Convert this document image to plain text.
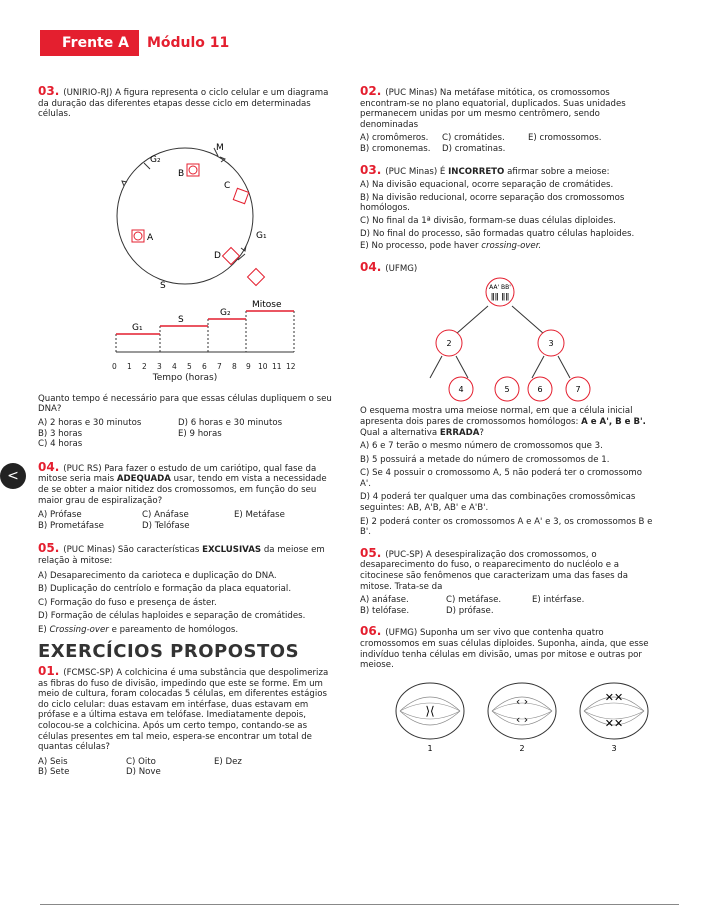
Frente A	Módulo 11
<
03. (UNIRIO-RJ) A figura representa o ciclo celular e um diagrama da duração das diferentes etapas desse ciclo em determinadas células.
G₂
M
B
C
G₁
A
D
S
G₁
S
G₂
Mitose
0 1 2 3 4 5 6 7 8 9 10 11 12
Tempo (horas)
Quanto tempo é necessário para que essas células dupliquem o seu DNA?
A) 2 horas e 30 minutos	D) 6 horas e 30 minutos
B) 3 horas	E) 9 horas
C) 4 horas
04. (PUC RS) Para fazer o estudo de um cariótipo, qual fase da mitose seria mais ADEQUADA usar, tendo em vista a necessidade de se obter a maior nitidez dos cromossomos, em função do seu maior grau de espiralização?
A) Prófase	C) Anáfase	E) Metáfase
B) Prometáfase	D) Telófase
05. (PUC Minas) São características EXCLUSIVAS da meiose em relação à mitose:
A) Desaparecimento da carioteca e duplicação do DNA.
B) Duplicação do centríolo e formação da placa equatorial.
C) Formação do fuso e presença de áster.
D) Formação de células haploides e separação de cromátides.
E) Crossing-over e pareamento de homólogos.
EXERCÍCIOS PROPOSTOS
01. (FCMSC-SP) A colchicina é uma substância que despolimeriza as fibras do fuso de divisão, impedindo que este se forme. Em um meio de cultura, foram colocadas 5 células, em diferentes estágios do ciclo celular: duas estavam em intérfase, duas estavam em prófase e a última estava em telófase. Imediatamente depois, colocou-se a colchicina. Após um certo tempo, contando-se as células presentes em tal meio, espera-se encontrar um total de quantas células?
A) Seis	C) Oito	E) Dez
B) Sete	D) Nove
02. (PUC Minas) Na metáfase mitótica, os cromossomos encontram-se no plano equatorial, duplicados. Suas unidades permanecem unidas por um mesmo centrômero, sendo denominadas
A) cromômeros.	C) cromátides.	E) cromossomos.
B) cromonemas.	D) cromatinas.
03. (PUC Minas) É INCORRETO afirmar sobre a meiose:
A) Na divisão equacional, ocorre separação de cromátides.
B) Na divisão reducional, ocorre separação dos cromossomos homólogos.
C) No final da 1ª divisão, formam-se duas células diploides.
D) No final do processo, são formadas quatro células haploides.
E) No processo, pode haver crossing-over.
04. (UFMG)
AA' BB'
ǁǁ ǁǁ
2	3
4	5	6	7
O esquema mostra uma meiose normal, em que a célula inicial apresenta dois pares de cromossomos homólogos: A e A', B e B'. Qual a alternativa ERRADA?
A) 6 e 7 terão o mesmo número de cromossomos que 3.
B) 5 possuirá a metade do número de cromossomos de 1.
C) Se 4 possuir o cromossomo A, 5 não poderá ter o cromossomo A'.
D) 4 poderá ter qualquer uma das combinações cromossômicas seguintes: AB, A'B, AB' e A'B'.
E) 2 poderá conter os cromossomos A e A' e 3, os cromossomos B e B'.
05. (PUC-SP) A desespiralização dos cromossomos, o desaparecimento do fuso, o reaparecimento do nucléolo e a citocinese são fenômenos que caracterizam uma das fases da mitose. Trata-se da
A) anáfase.	C) metáfase.	E) intérfase.
B) telófase.	D) prófase.
06. (UFMG) Suponha um ser vivo que contenha quatro cromossomos em suas células diploides. Suponha, ainda, que esse indivíduo tenha células em divisão, umas por mitose e outras por meiose.
⟩⟨
‹ ›
‹ ›
✕✕
✕✕
1	2	3
